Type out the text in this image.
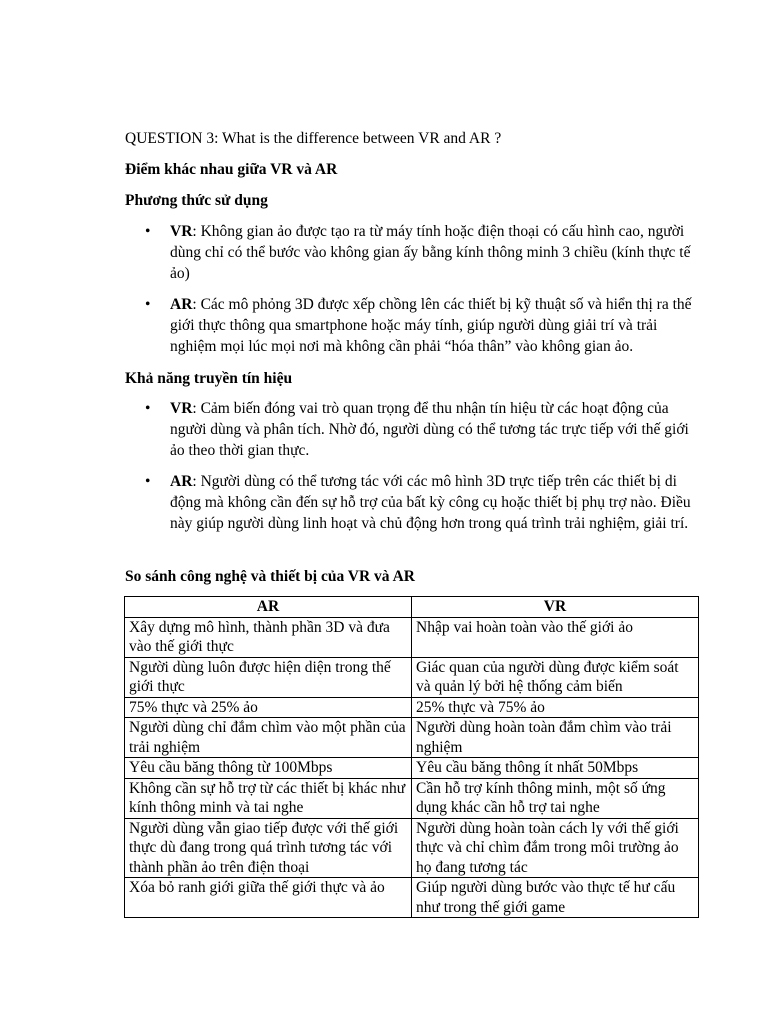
QUESTION 3: What is the difference between VR and AR ?
Điểm khác nhau giữa VR và AR
Phương thức sử dụng
• VR: Không gian ảo được tạo ra từ máy tính hoặc điện thoại có cấu hình cao, người dùng chỉ có thể bước vào không gian ấy bằng kính thông minh 3 chiều (kính thực tế ảo)
• AR: Các mô phỏng 3D được xếp chồng lên các thiết bị kỹ thuật số và hiển thị ra thế giới thực thông qua smartphone hoặc máy tính, giúp người dùng giải trí và trải nghiệm mọi lúc mọi nơi mà không cần phải “hóa thân” vào không gian ảo.
Khả năng truyền tín hiệu
• VR: Cảm biến đóng vai trò quan trọng để thu nhận tín hiệu từ các hoạt động của người dùng và phân tích. Nhờ đó, người dùng có thể tương tác trực tiếp với thế giới ảo theo thời gian thực.
• AR: Người dùng có thể tương tác với các mô hình 3D trực tiếp trên các thiết bị di động mà không cần đến sự hỗ trợ của bất kỳ công cụ hoặc thiết bị phụ trợ nào. Điều này giúp người dùng linh hoạt và chủ động hơn trong quá trình trải nghiệm, giải trí.
So sánh công nghệ và thiết bị của VR và AR
AR	VR
Xây dựng mô hình, thành phần 3D và đưa vào thế giới thực	Nhập vai hoàn toàn vào thế giới ảo
Người dùng luôn được hiện diện trong thế giới thực	Giác quan của người dùng được kiểm soát và quản lý bởi hệ thống cảm biến
75% thực và 25% ảo	25% thực và 75% ảo
Người dùng chỉ đắm chìm vào một phần của trải nghiệm	Người dùng hoàn toàn đắm chìm vào trải nghiệm
Yêu cầu băng thông từ 100Mbps	Yêu cầu băng thông ít nhất 50Mbps
Không cần sự hỗ trợ từ các thiết bị khác như kính thông minh và tai nghe	Cần hỗ trợ kính thông minh, một số ứng dụng khác cần hỗ trợ tai nghe
Người dùng vẫn giao tiếp được với thế giới thực dù đang trong quá trình tương tác với thành phần ảo trên điện thoại	Người dùng hoàn toàn cách ly với thế giới thực và chỉ chìm đắm trong môi trường ảo họ đang tương tác
Xóa bỏ ranh giới giữa thế giới thực và ảo	Giúp người dùng bước vào thực tế hư cấu như trong thế giới game
